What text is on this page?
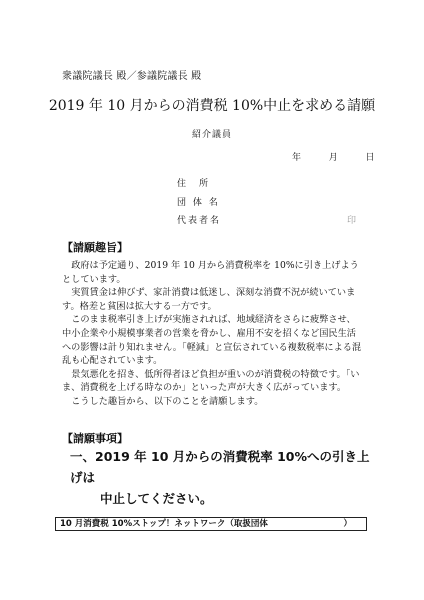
衆議院議長 殿／参議院議長 殿
2019 年 10 月からの消費税 10%中止を求める請願
紹介議員
年	月	日
住　所
団 体 名
代表者名	印
【請願趣旨】

政府は予定通り、2019 年 10 月から消費税率を 10%に引き上げようとしています。

実質賃金は伸びず、家計消費は低迷し、深刻な消費不況が続いています。格差と貧困は拡大する一方です。

このまま税率引き上げが実施されれば、地域経済をさらに疲弊させ、中小企業や小規模事業者の営業を脅かし、雇用不安を招くなど国民生活への影響は計り知れません。「軽減」と宣伝されている複数税率による混乱も心配されています。

景気悪化を招き、低所得者ほど負担が重いのが消費税の特徴です。「いま、消費税を上げる時なのか」といった声が大きく広がっています。

こうした趣旨から、以下のことを請願します。

【請願事項】
一、2019 年 10 月からの消費税率 10%への引き上げは
中止してください。
10 月消費税 10%ストップ！ネットワーク（取扱団体	）
